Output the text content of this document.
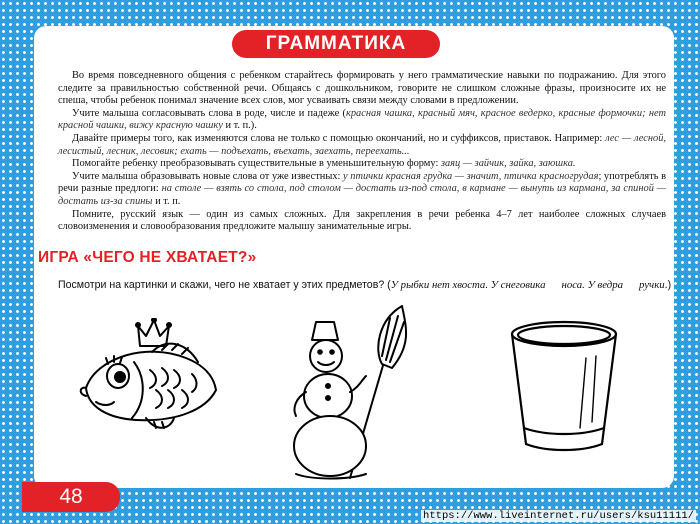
ГРАММАТИКА

Во время повседневного общения с ребенком старайтесь формировать у него грамматические навыки по подражанию. Для этого следите за правильностью собственной речи. Общаясь с дошкольником, говорите не слишком сложные фразы, произносите их не спеша, чтобы ребенок понимал значение всех слов, мог усваивать связи между словами в предложении.

Учите малыша согласовывать слова в роде, числе и падеже (красная чашка, красный мяч, красное ведерко, красные формочки; нет красной чашки, вижу красную чашку и т. п.).

Давайте примеры того, как изменяются слова не только с помощью окончаний, но и суффиксов, приставок. Например: лес — лесной, лесистый, лесник, лесовик; ехать — подъехать, въехать, заехать, переехать...

Помогайте ребенку преобразовывать существительные в уменьшительную форму: заяц — зайчик, зайка, заюшка.

Учите малыша образовывать новые слова от уже известных: у птички красная грудка — значит, птичка красногрудая; употреблять в речи разные предлоги: на столе — взять со стола, под столом — достать из-под стола, в кармане — вынуть из кармана, за спиной — достать из-за спины и т. п.

Помните, русский язык — один из самых сложных. Для закрепления в речи ребенка 4–7 лет наиболее сложных случаев словоизменения и словообразования предложите малышу занимательные игры.

ИГРА «ЧЕГО НЕ ХВАТАЕТ?»
Посмотри на картинки и скажи, чего не хватает у этих предметов? (У рыбки нет хвоста. У снеговика носа. У ведра ручки.)
48
https://www.liveinternet.ru/users/ksu11111/
